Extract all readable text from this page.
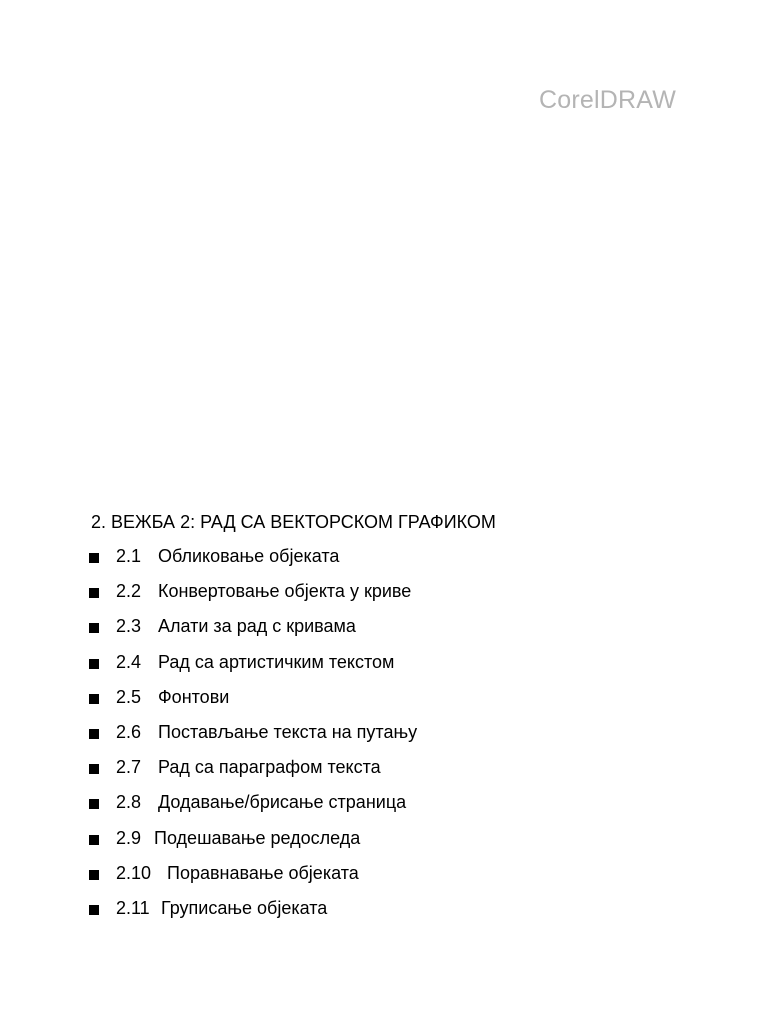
CorelDRAW
2. ВЕЖБА 2: РАД СА ВЕКТОРСКОМ ГРАФИКОМ
2.1 Обликовање објеката
2.2 Конвертовање објекта у криве
2.3 Алати за рад с кривама
2.4 Рад са артистичким текстом
2.5 Фонтови
2.6 Постављање текста на путању
2.7 Рад са параграфом текста
2.8 Додавање/брисање страница
2.9 Подешавање редоследа
2.10 Поравнавање објеката
2.11 Груписање објеката
